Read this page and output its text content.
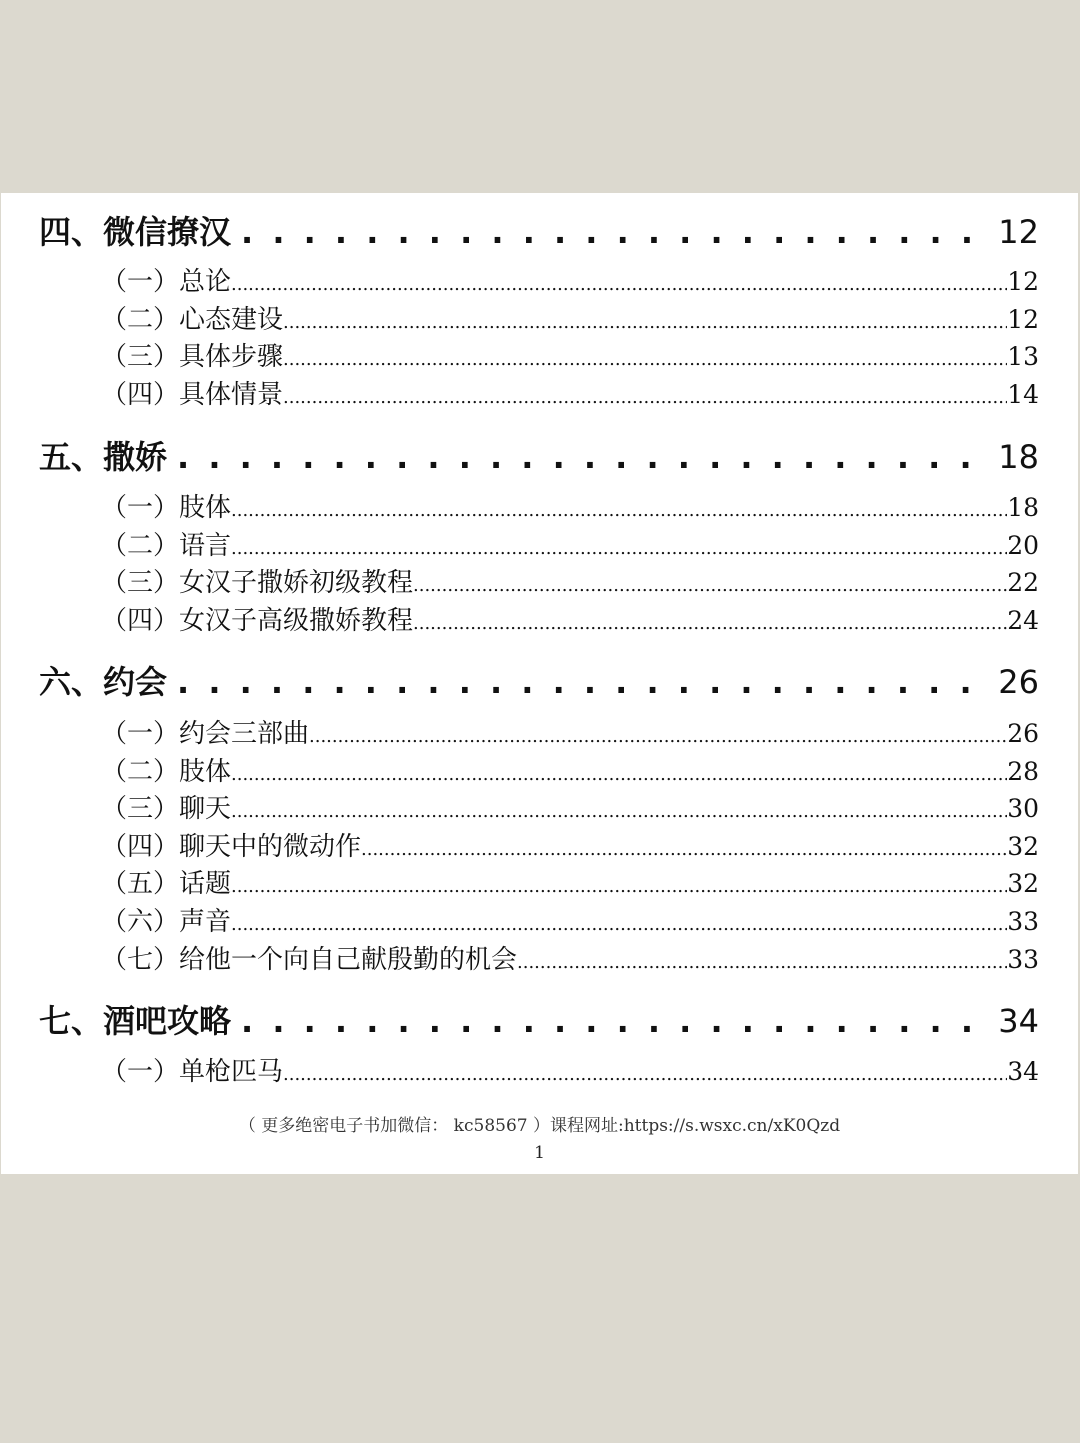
四、微信撩汉 . . .	12
（一）总论 .....	12
（二）心态建设 .....	12
（三）具体步骤 .....	13
（四）具体情景 .....	14
五、撒娇 . . .	18
（一）肢体 .....	18
（二）语言 .....	20
（三）女汉子撒娇初级教程 .....	22
（四）女汉子高级撒娇教程 .....	24
六、约会 . . .	26
（一）约会三部曲 .....	26
（二）肢体 .....	28
（三）聊天 .....	30
（四）聊天中的微动作 .....	32
（五）话题 .....	32
（六）声音 .....	33
（七）给他一个向自己献殷勤的机会 .....	33
七、酒吧攻略 . . .	34
（一）单枪匹马 .....	34
（ 更多绝密电子书加微信： kc58567 ）课程网址:https://s.wsxc.cn/xK0Qzd
1
